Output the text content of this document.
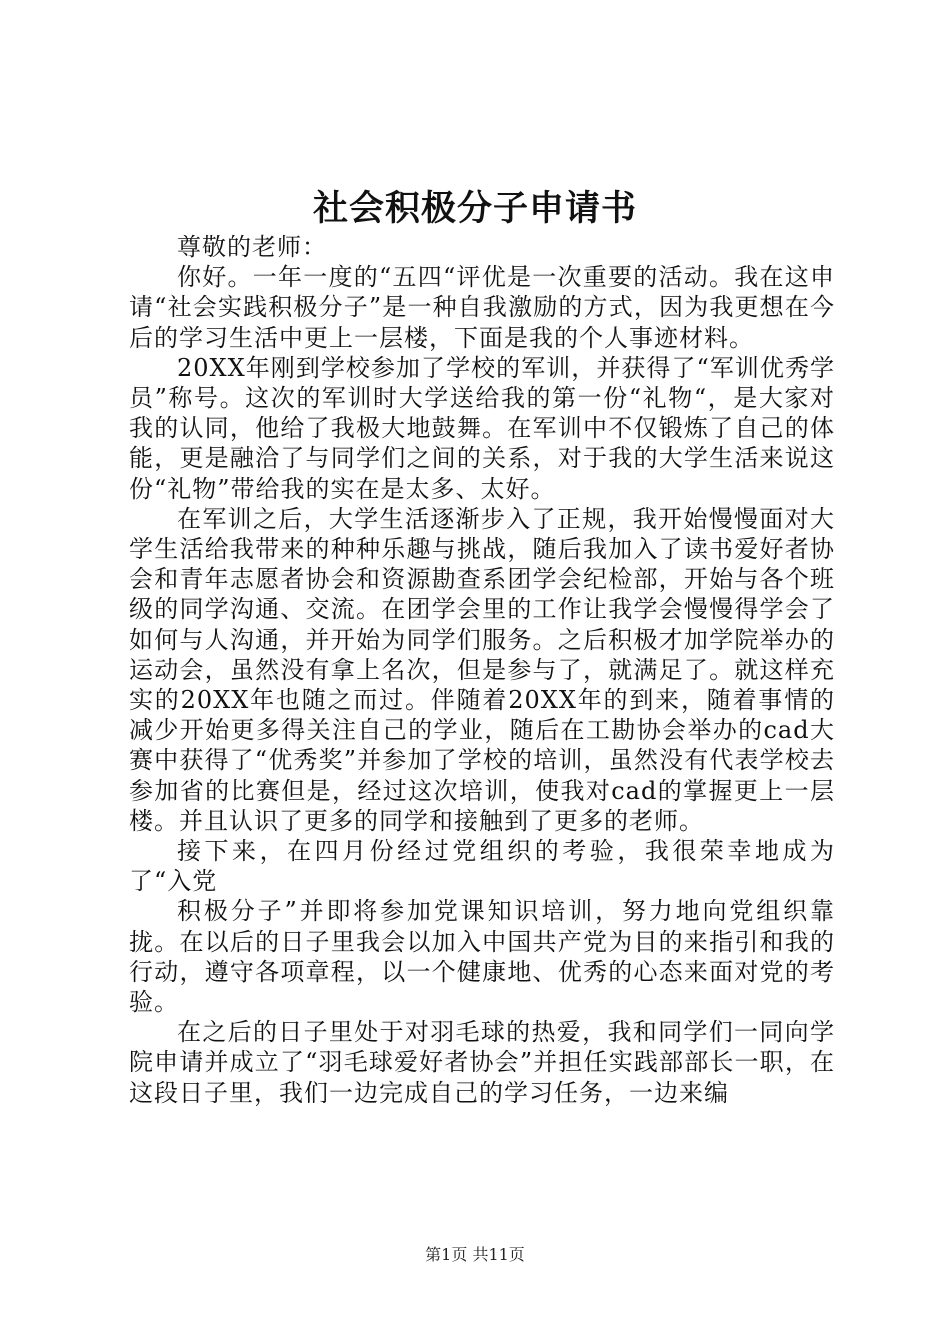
社会积极分子申请书

尊敬的老师：

你好。一年一度的“五四“评优是一次重要的活动。我在这申请“社会实践积极分子”是一种自我激励的方式，因为我更想在今后的学习生活中更上一层楼，下面是我的个人事迹材料。

20XX年刚到学校参加了学校的军训，并获得了“军训优秀学员”称号。这次的军训时大学送给我的第一份“礼物“，是大家对我的认同，他给了我极大地鼓舞。在军训中不仅锻炼了自己的体能，更是融洽了与同学们之间的关系，对于我的大学生活来说这份“礼物”带给我的实在是太多、太好。

在军训之后，大学生活逐渐步入了正规，我开始慢慢面对大学生活给我带来的种种乐趣与挑战，随后我加入了读书爱好者协会和青年志愿者协会和资源勘查系团学会纪检部，开始与各个班级的同学沟通、交流。在团学会里的工作让我学会慢慢得学会了如何与人沟通，并开始为同学们服务。之后积极才加学院举办的运动会，虽然没有拿上名次，但是参与了，就满足了。就这样充实的20XX年也随之而过。伴随着20XX年的到来，随着事情的减少开始更多得关注自己的学业，随后在工勘协会举办的cad大赛中获得了“优秀奖”并参加了学校的培训，虽然没有代表学校去参加省的比赛但是，经过这次培训，使我对cad的掌握更上一层楼。并且认识了更多的同学和接触到了更多的老师。

接下来，在四月份经过党组织的考验，我很荣幸地成为了“入党

积极分子”并即将参加党课知识培训，努力地向党组织靠拢。在以后的日子里我会以加入中国共产党为目的来指引和我的行动，遵守各项章程，以一个健康地、优秀的心态来面对党的考验。

在之后的日子里处于对羽毛球的热爱，我和同学们一同向学院申请并成立了“羽毛球爱好者协会”并担任实践部部长一职，在这段日子里，我们一边完成自己的学习任务，一边来编

第1页 共11页
